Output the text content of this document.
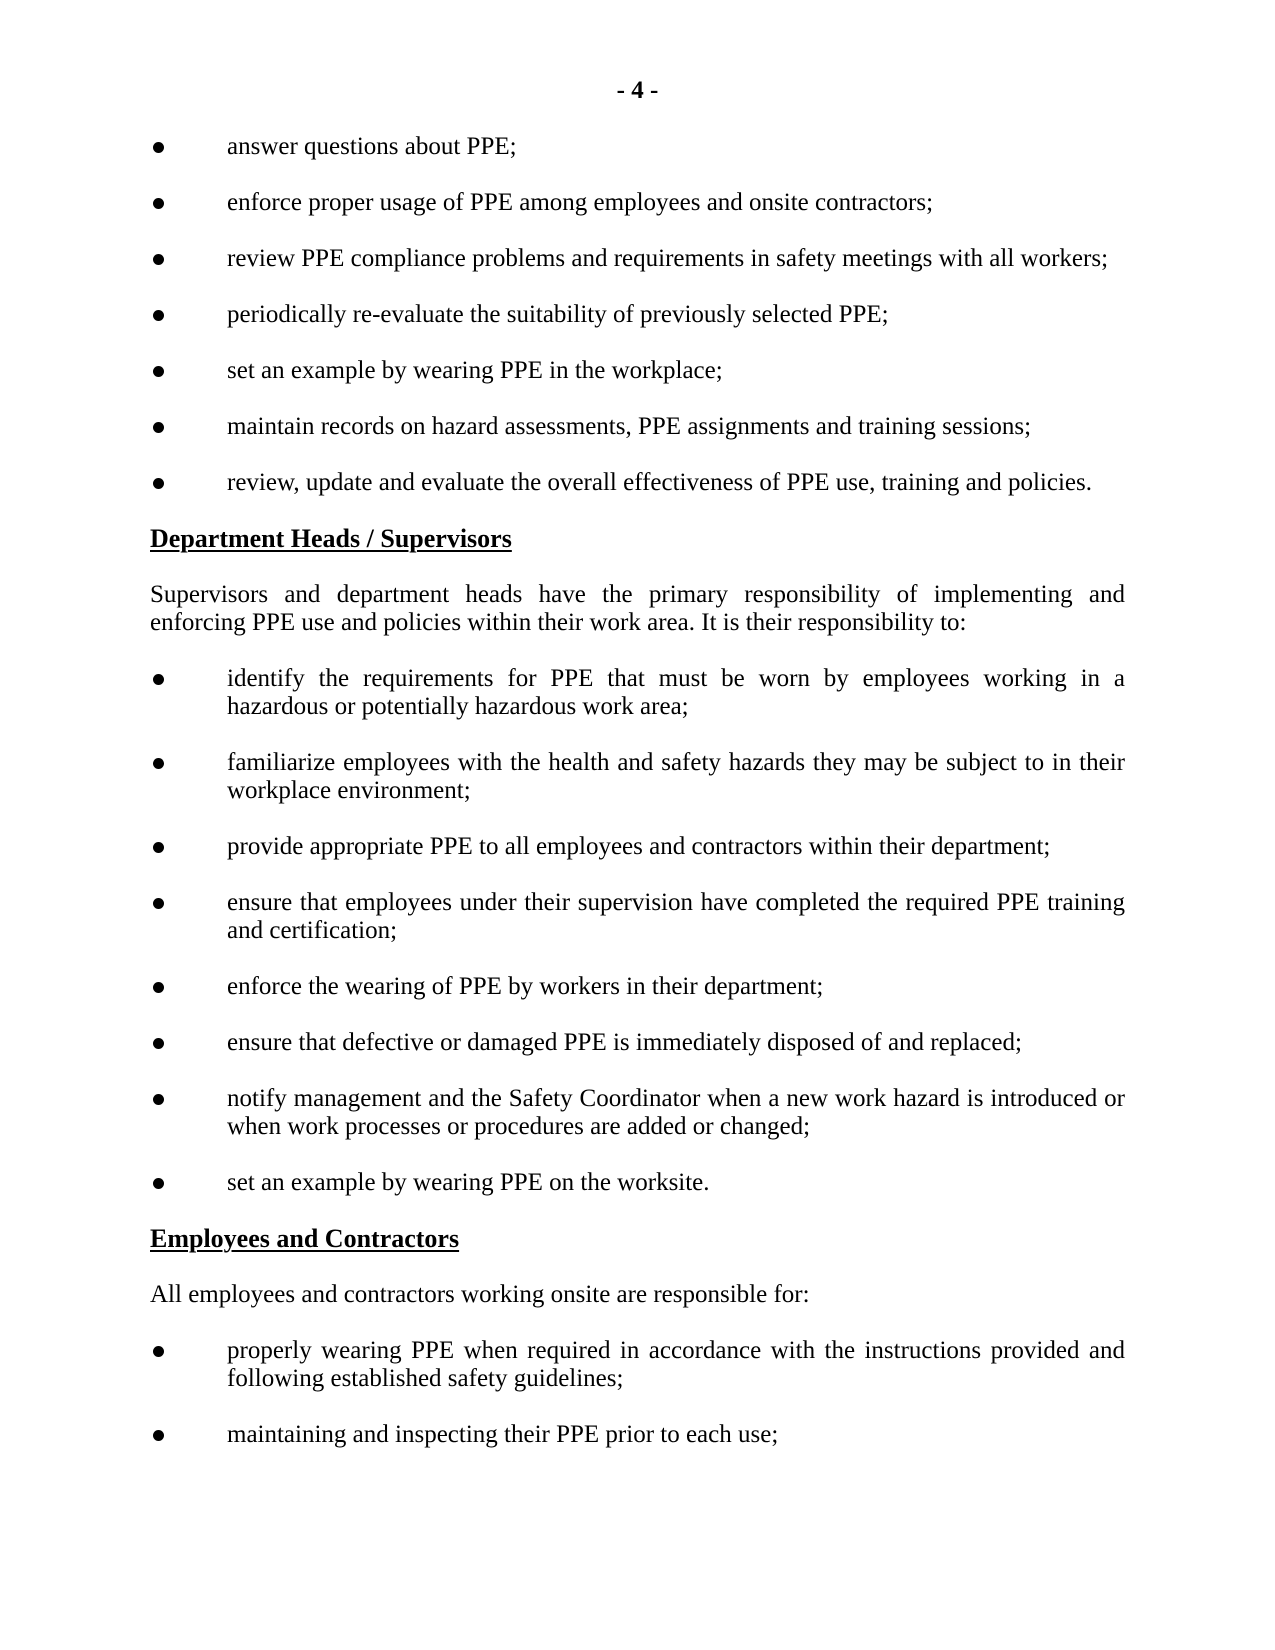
- 4 -
answer questions about PPE;
enforce proper usage of PPE among employees and onsite contractors;
review PPE compliance problems and requirements in safety meetings with all workers;
periodically re-evaluate the suitability of previously selected PPE;
set an example by wearing PPE in the workplace;
maintain records on hazard assessments, PPE assignments and training sessions;
review, update and evaluate the overall effectiveness of PPE use, training and policies.
Department Heads / Supervisors

Supervisors and department heads have the primary responsibility of implementing and enforcing PPE use and policies within their work area. It is their responsibility to:

identify the requirements for PPE that must be worn by employees working in a hazardous or potentially hazardous work area;
familiarize employees with the health and safety hazards they may be subject to in their workplace environment;
provide appropriate PPE to all employees and contractors within their department;
ensure that employees under their supervision have completed the required PPE training and certification;
enforce the wearing of PPE by workers in their department;
ensure that defective or damaged PPE is immediately disposed of and replaced;
notify management and the Safety Coordinator when a new work hazard is introduced or when work processes or procedures are added or changed;
set an example by wearing PPE on the worksite.
Employees and Contractors

All employees and contractors working onsite are responsible for:

properly wearing PPE when required in accordance with the instructions provided and following established safety guidelines;
maintaining and inspecting their PPE prior to each use;
